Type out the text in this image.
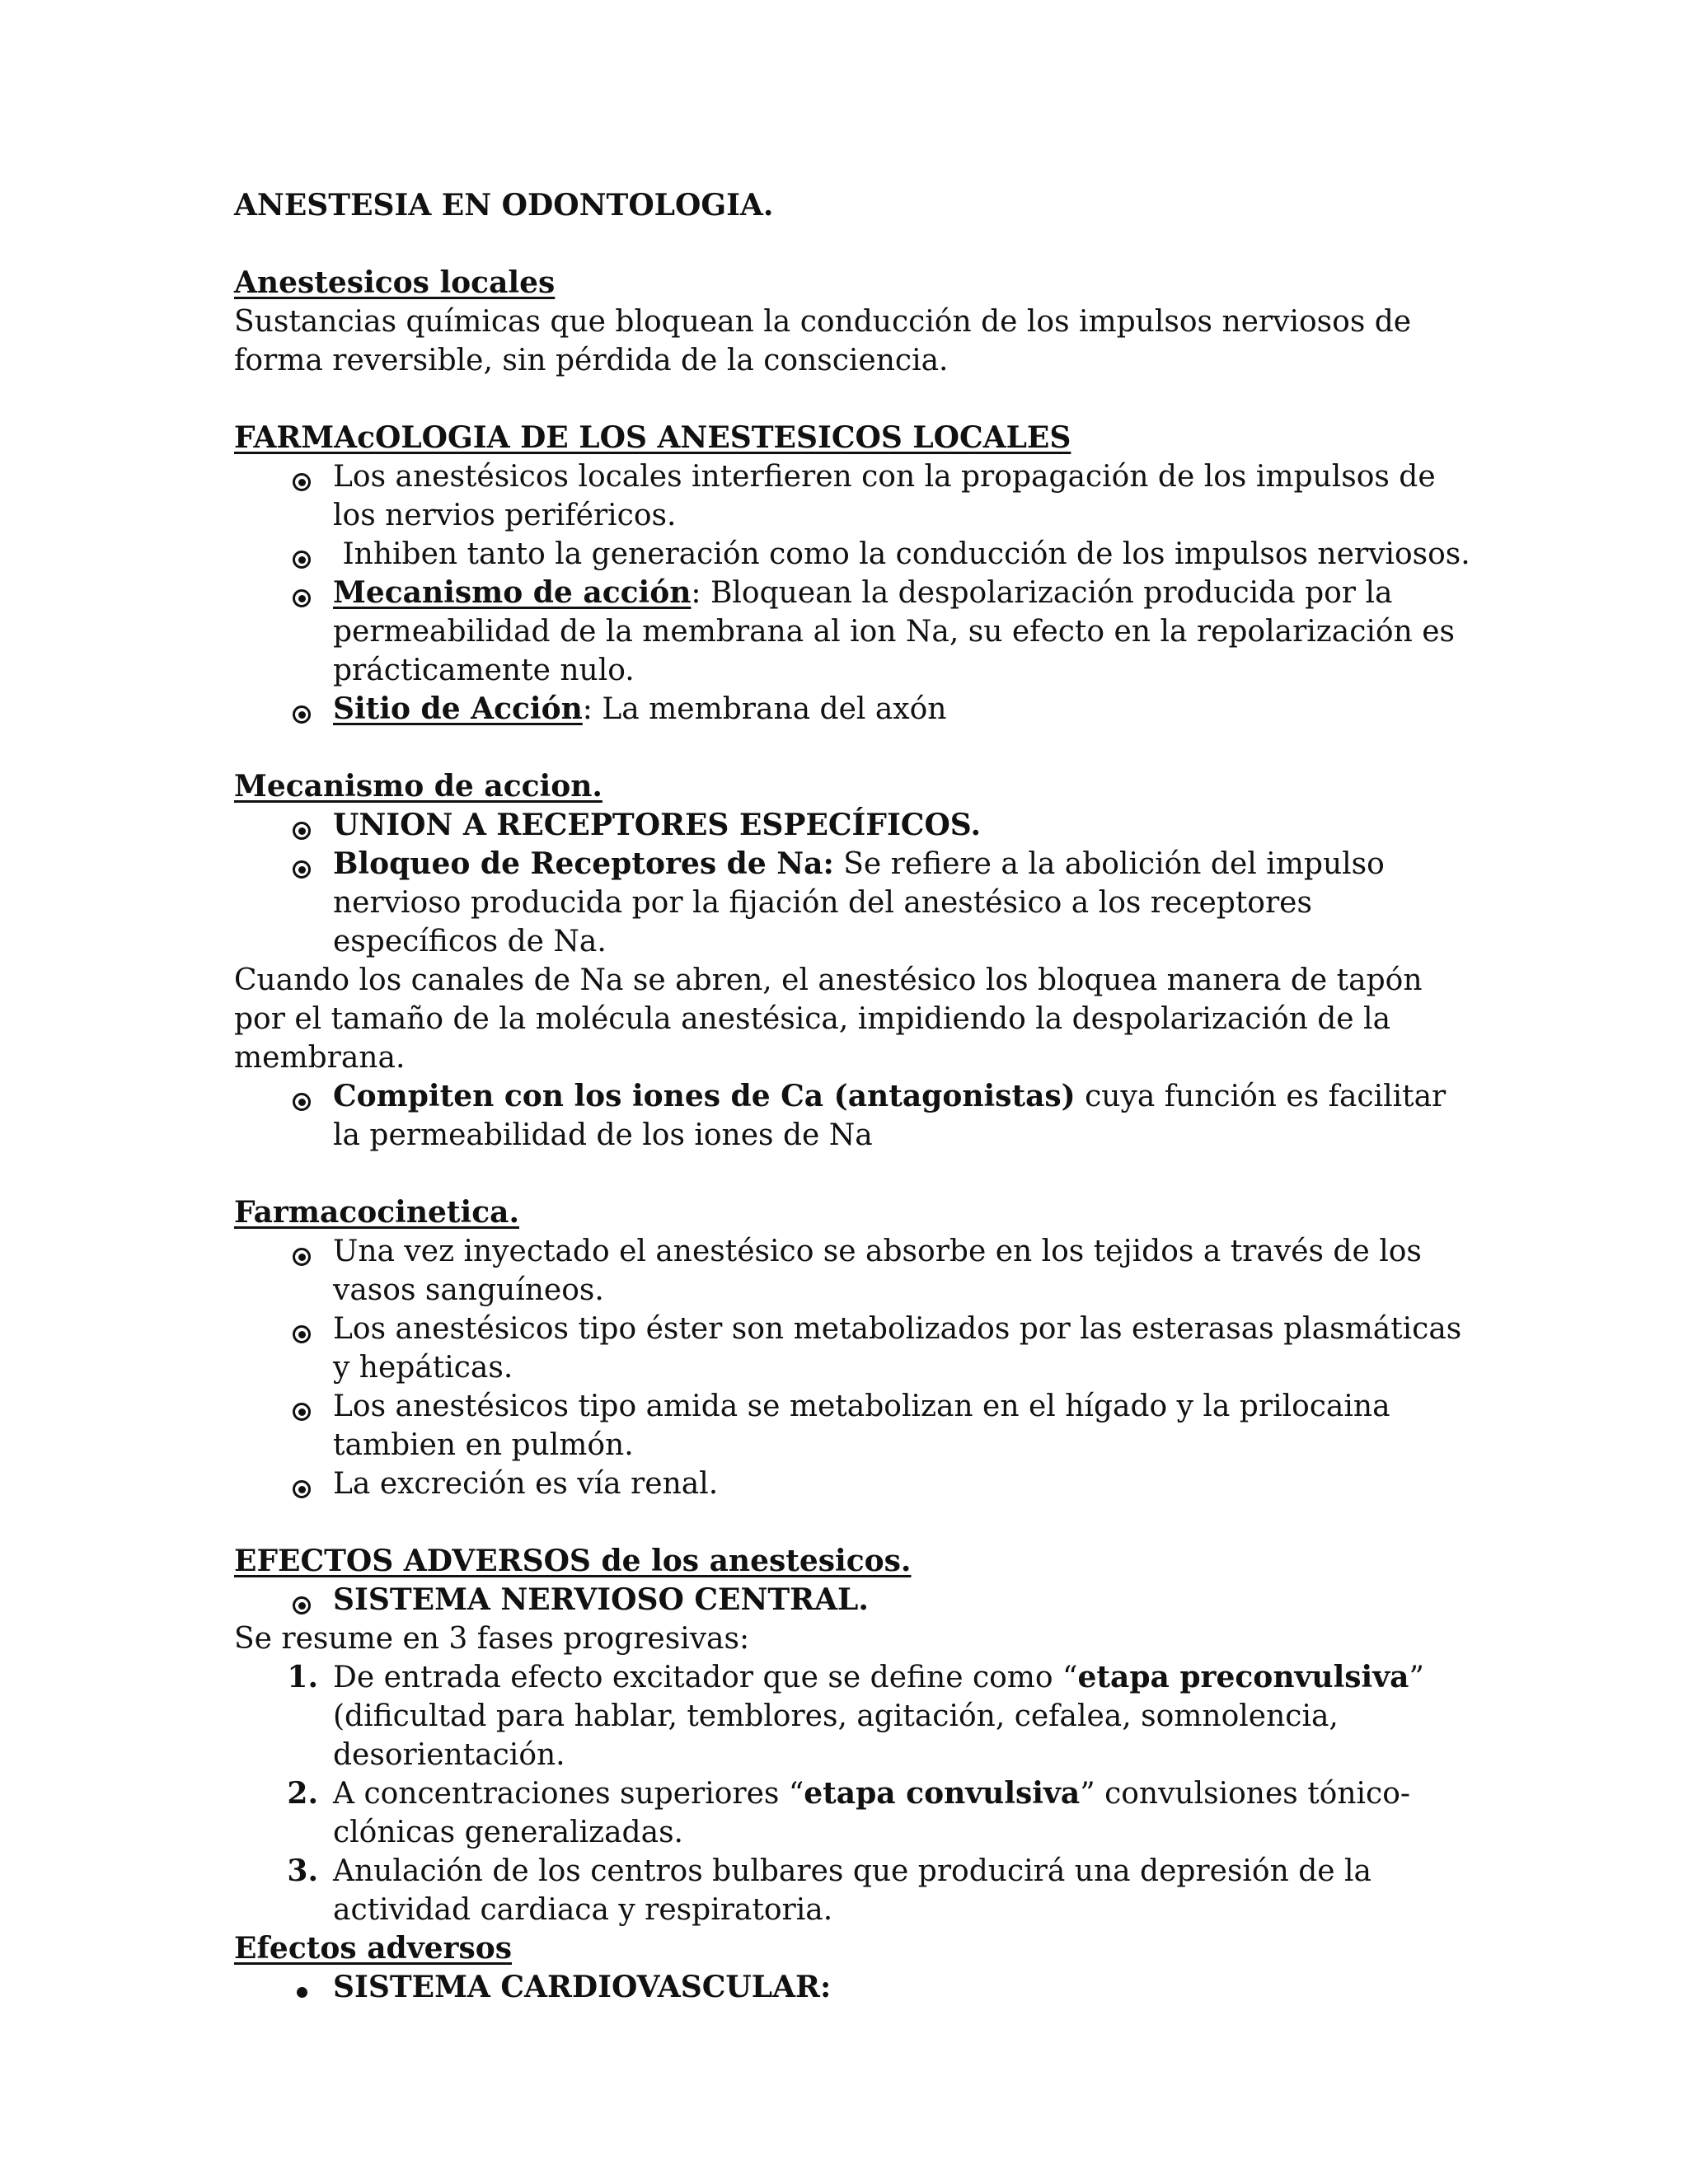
ANESTESIA EN ODONTOLOGIA.

Anestesicos locales

Sustancias químicas que bloquean la conducción de los impulsos nerviosos de forma reversible, sin pérdida de la consciencia.

FARMAcOLOGIA DE LOS ANESTESICOS LOCALES

Los anestésicos locales interfieren con la propagación de los impulsos de los nervios periféricos.
Inhiben tanto la generación como la conducción de los impulsos nerviosos.
Mecanismo de acción: Bloquean la despolarización producida por la permeabilidad de la membrana al ion Na, su efecto en la repolarización es prácticamente nulo.
Sitio de Acción: La membrana del axón

Mecanismo de accion.

UNION A RECEPTORES ESPECÍFICOS.
Bloqueo de Receptores de Na: Se refiere a la abolición del impulso nervioso producida por la fijación del anestésico a los receptores específicos de Na.

Cuando los canales de Na se abren, el anestésico los bloquea manera de tapón por el tamaño de la molécula anestésica, impidiendo la despolarización de la membrana.

Compiten con los iones de Ca (antagonistas) cuya función es facilitar la permeabilidad de los iones de Na

Farmacocinetica.

Una vez inyectado el anestésico se absorbe en los tejidos a través de los vasos sanguíneos.
Los anestésicos tipo éster son metabolizados por las esterasas plasmáticas y hepáticas.
Los anestésicos tipo amida se metabolizan en el hígado y la prilocaina tambien en pulmón.
La excreción es vía renal.

EFECTOS ADVERSOS de los anestesicos.

SISTEMA NERVIOSO CENTRAL.

Se resume en 3 fases progresivas:

1. De entrada efecto excitador que se define como “etapa preconvulsiva” (dificultad para hablar, temblores, agitación, cefalea, somnolencia, desorientación.
2. A concentraciones superiores “etapa convulsiva” convulsiones tónico-clónicas generalizadas.
3. Anulación de los centros bulbares que producirá una depresión de la actividad cardiaca y respiratoria.

Efectos adversos

SISTEMA CARDIOVASCULAR:
